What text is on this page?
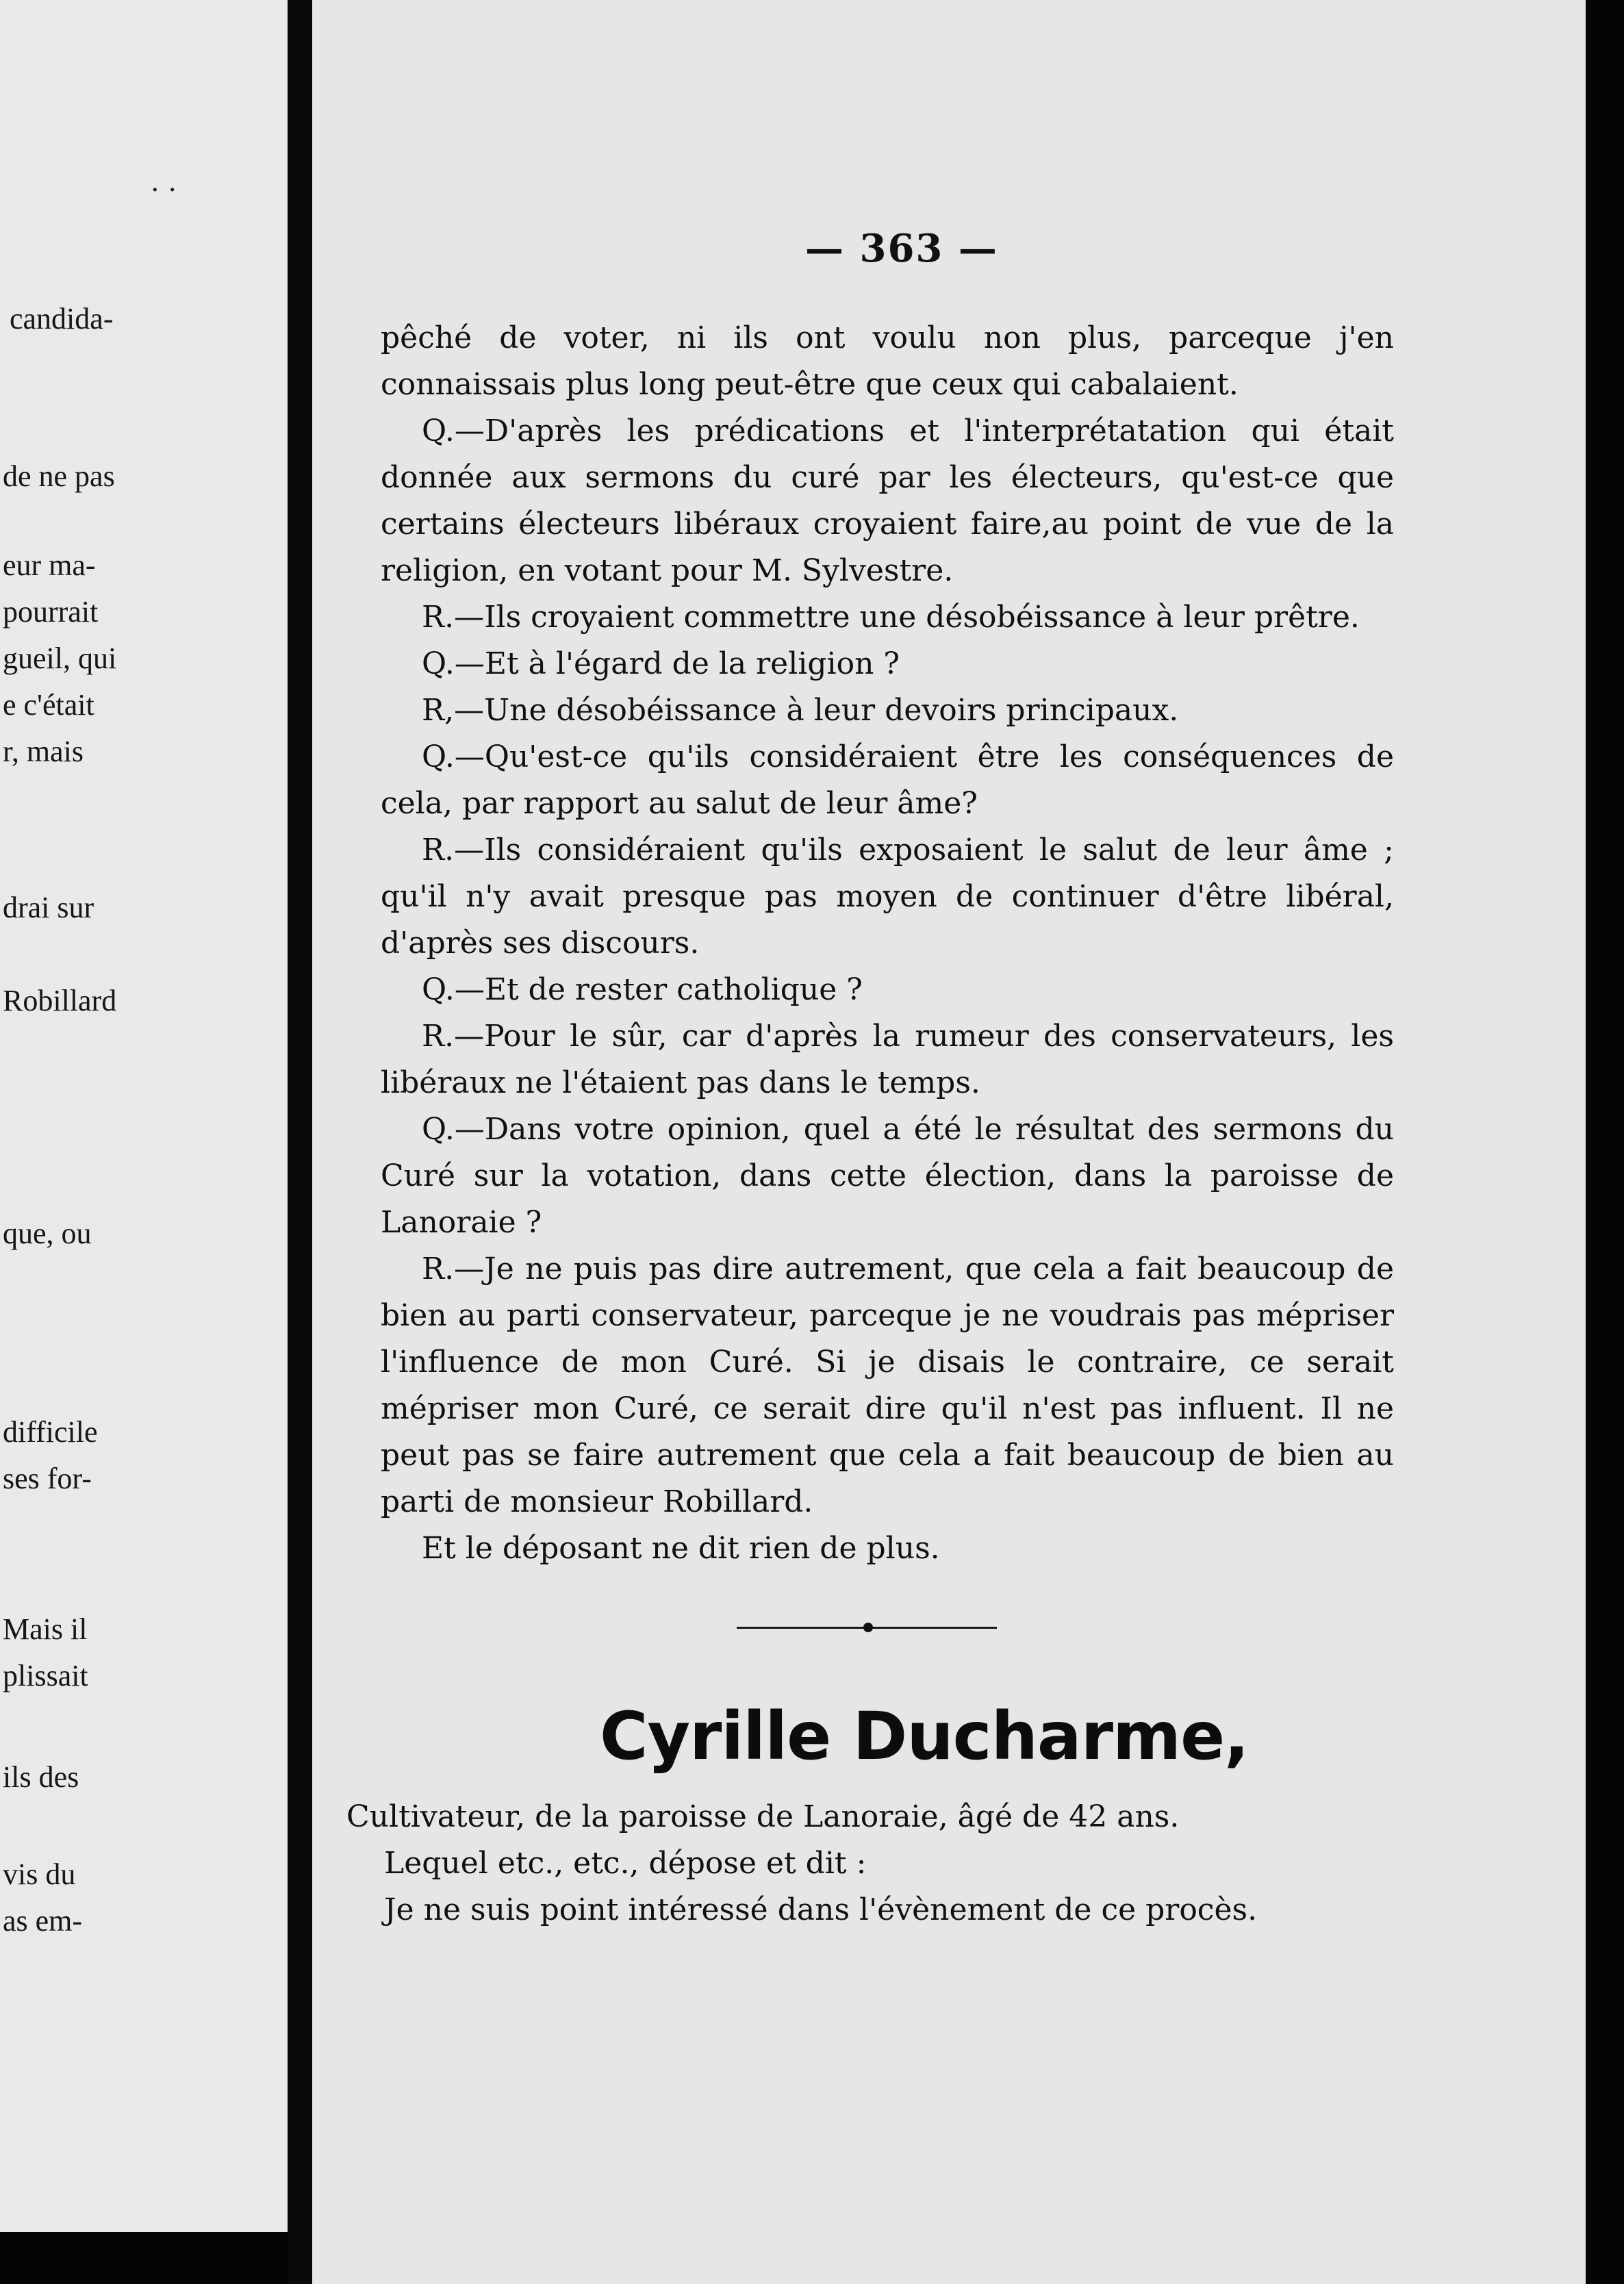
· ·
candida-
de ne pas
eur ma-
pourrait
gueil, qui
e c'était
r, mais
drai sur
Robillard
que, ou
difficile
ses for-
Mais il
plissait
ils des
vis du
as em-
— 363 —

pêché de voter, ni ils ont voulu non plus, parceque j'en connaissais plus long peut-être que ceux qui cabalaient.

Q.—D'après les prédications et l'interprétatation qui était donnée aux sermons du curé par les électeurs, qu'est-ce que certains électeurs libéraux croyaient faire,au point de vue de la religion, en votant pour M. Sylvestre.

R.—Ils croyaient commettre une désobéissance à leur prêtre.

Q.—Et à l'égard de la religion ?

R,—Une désobéissance à leur devoirs principaux.

Q.—Qu'est-ce qu'ils considéraient être les conséquences de cela, par rapport au salut de leur âme?

R.—Ils considéraient qu'ils exposaient le salut de leur âme ; qu'il n'y avait presque pas moyen de continuer d'être libéral, d'après ses discours.

Q.—Et de rester catholique ?

R.—Pour le sûr, car d'après la rumeur des conservateurs, les libéraux ne l'étaient pas dans le temps.

Q.—Dans votre opinion, quel a été le résultat des sermons du Curé sur la votation, dans cette élection, dans la paroisse de Lanoraie ?

R.—Je ne puis pas dire autrement, que cela a fait beaucoup de bien au parti conservateur, parceque je ne voudrais pas mépriser l'influence de mon Curé. Si je disais le contraire, ce serait mépriser mon Curé, ce serait dire qu'il n'est pas influent. Il ne peut pas se faire autrement que cela a fait beaucoup de bien au parti de monsieur Robillard.

Et le déposant ne dit rien de plus.

Cyrille Ducharme,

Cultivateur, de la paroisse de Lanoraie, âgé de 42 ans.

Lequel etc., etc., dépose et dit :

Je ne suis point intéressé dans l'évènement de ce procès.
